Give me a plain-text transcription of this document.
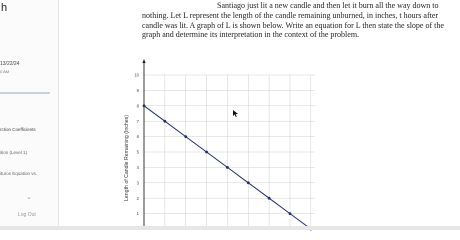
h
13/22/24
0 AM
rction Coefficients
ition (Level 1)
ituros Equation vs.
⌄
Log Out

Santiago just lit a new candle and then let it burn all the way down to nothing. Let L represent the length of the candle remaining unburned, in inches, t hours after candle was lit. A graph of L is shown below. Write an equation for L then state the slope of the graph and determine its interpretation in the context of the problem.

1
2
3
4
5
6
7
8
9
10
Length of Candle Remaining (Inches)
